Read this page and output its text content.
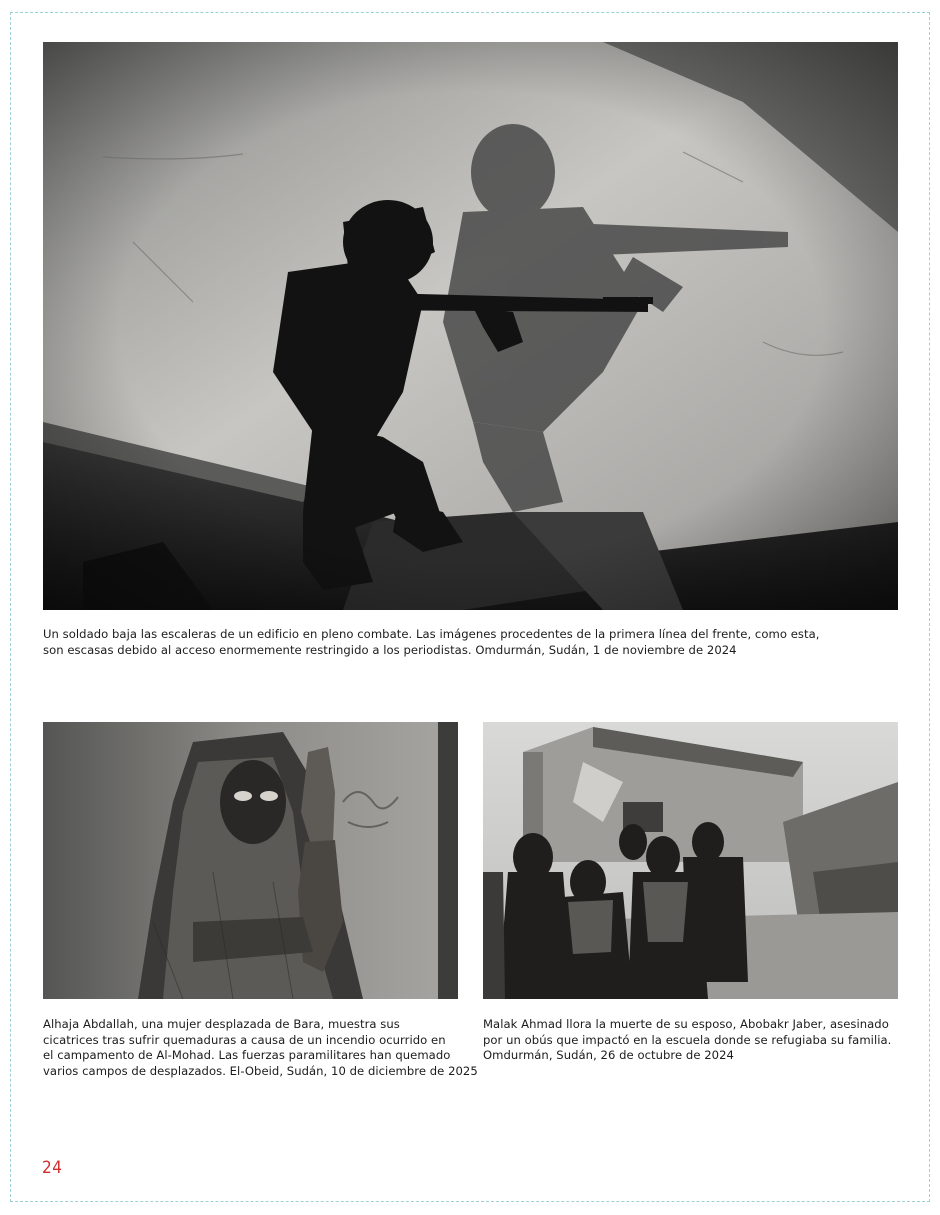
Un soldado baja las escaleras de un edificio en pleno combate. Las imágenes procedentes de la primera línea del frente, como esta,
son escasas debido al acceso enormemente restringido a los periodistas. Omdurmán, Sudán, 1 de noviembre de 2024
Alhaja Abdallah, una mujer desplazada de Bara, muestra sus
cicatrices tras sufrir quemaduras a causa de un incendio ocurrido en
el campamento de Al-Mohad. Las fuerzas paramilitares han quemado
varios campos de desplazados. El-Obeid, Sudán, 10 de diciembre de 2025
Malak Ahmad llora la muerte de su esposo, Abobakr Jaber, asesinado
por un obús que impactó en la escuela donde se refugiaba su familia.
Omdurmán, Sudán, 26 de octubre de 2024
24
